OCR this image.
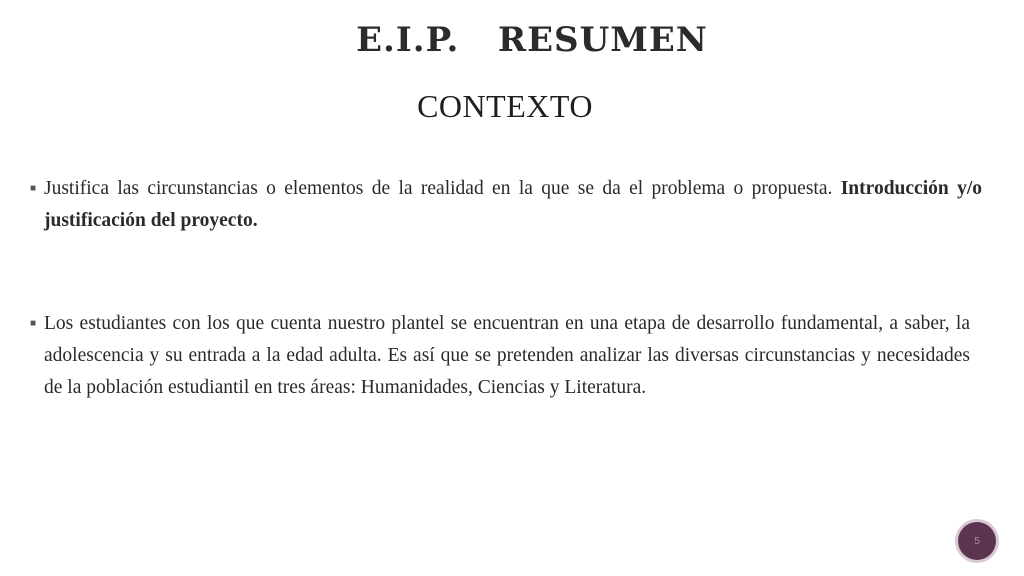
E.I.P.   RESUMEN
CONTEXTO
■ Justifica las circunstancias o elementos de la realidad en la que se da el problema o propuesta. Introducción y/o justificación del proyecto.
■ Los estudiantes con los que cuenta nuestro plantel se encuentran en una etapa de desarrollo fundamental, a saber, la adolescencia y su entrada a la edad adulta. Es así que se pretenden analizar las diversas circunstancias y necesidades de la población estudiantil en tres áreas: Humanidades, Ciencias y Literatura.
5
